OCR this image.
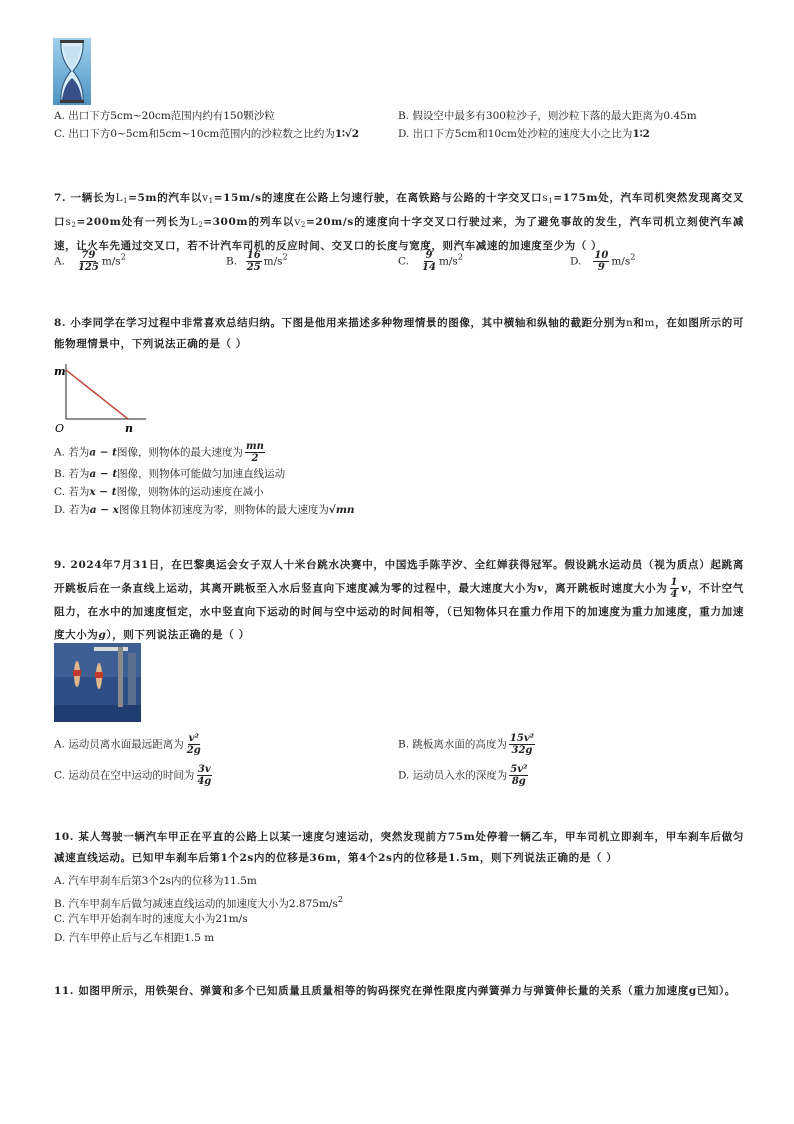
A. 出口下方5cm~20cm范围内约有150颗沙粒	B. 假设空中最多有300粒沙子，则沙粒下落的最大距离为0.45m
C. 出口下方0~5cm和5cm~10cm范围内的沙粒数之比约为1∶√2	D. 出口下方5cm和10cm处沙粒的速度大小之比为1∶2
7. 一辆长为$L_1=5m$的汽车以$v_1=15m/s$的速度在公路上匀速行驶，在离铁路与公路的十字交叉口$s_1=175m$处，汽车司机突然发现离交叉口$s_2=200m$处有一列长为$L_2=300m$的列车以$v_2=20m/s$的速度向十字交叉口行驶过来，为了避免事故的发生，汽车司机立刻使汽车减速，让火车先通过交叉口，若不计汽车司机的反应时间、交叉口的长度与宽度，则汽车减速的加速度至少为（ ）
A. $\frac{79}{125} m/s^2$	B. $\frac{16}{25} m/s^2$	C. $\frac{9}{14} m/s^2$	D. $\frac{10}{9} m/s^2$
8. 小李同学在学习过程中非常喜欢总结归纳。下图是他用来描述多种物理情景的图像，其中横轴和纵轴的截距分别为n和m，在如图所示的可能物理情景中，下列说法正确的是（ ）
m
n
O
A. 若为a − t图像，则物体的最大速度为 $\frac{mn}{2}$
B. 若为a − t图像，则物体可能做匀加速直线运动
C. 若为x − t图像，则物体的运动速度在减小
D. 若为a − x图像且物体初速度为零，则物体的最大速度为√mn
9. 2024年7月31日，在巴黎奥运会女子双人十米台跳水决赛中，中国选手陈芋汐、全红婵获得冠军。假设跳水运动员（视为质点）起跳离开跳板后在一条直线上运动，其离开跳板至入水后竖直向下速度减为零的过程中，最大速度大小为v，离开跳板时速度大小为 $\frac{1}{4}$ v，不计空气阻力，在水中的加速度恒定，水中竖直向下运动的时间与空中运动的时间相等，（已知物体只在重力作用下的加速度为重力加速度，重力加速度大小为g），则下列说法正确的是（ ）
A. 运动员离水面最远距离为 $\frac{\text{v²}}{2g}$	B. 跳板离水面的高度为 $\frac{\text{15v²}}{32g}$
C. 运动员在空中运动的时间为 $\frac{3v}{4g}$	D. 运动员入水的深度为 $\frac{\text{5v²}}{8g}$
10. 某人驾驶一辆汽车甲正在平直的公路上以某一速度匀速运动，突然发现前方75m处停着一辆乙车，甲车司机立即刹车，甲车刹车后做匀减速直线运动。已知甲车刹车后第1个2s内的位移是36m，第4个2s内的位移是1.5m，则下列说法正确的是（ ）
A. 汽车甲刹车后第3个2s内的位移为11.5m
B. 汽车甲刹车后做匀减速直线运动的加速度大小为$2.875m/s^2$
C. 汽车甲开始刹车时的速度大小为21m/s
D. 汽车甲停止后与乙车相距1.5 m
11. 如图甲所示，用铁架台、弹簧和多个已知质量且质量相等的钩码探究在弹性限度内弹簧弹力与弹簧伸长量的关系（重力加速度g已知）。
